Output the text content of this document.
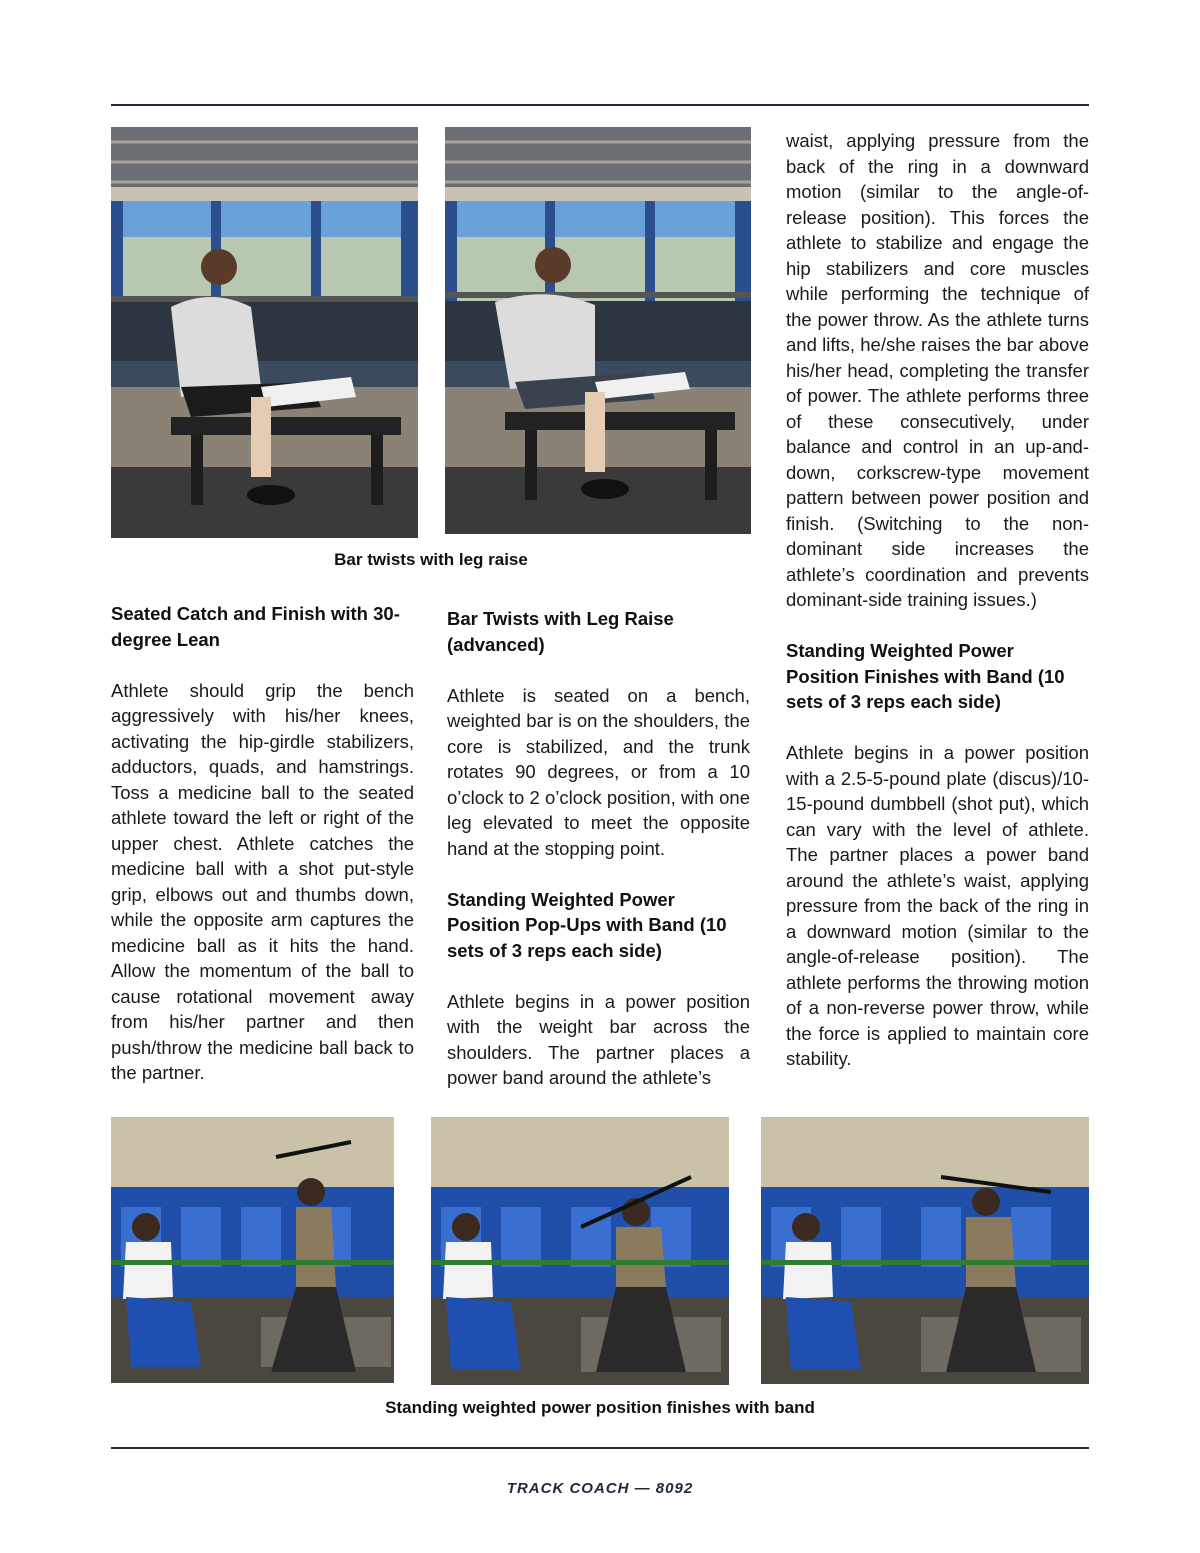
Bar twists with leg raise
Seated Catch and Finish with 30-degree Lean

Athlete should grip the bench aggressively with his/her knees, activating the hip-girdle stabilizers, adductors, quads, and hamstrings. Toss a medicine ball to the seated athlete toward the left or right of the upper chest. Athlete catches the medicine ball with a shot put-style grip, elbows out and thumbs down, while the opposite arm captures the medicine ball as it hits the hand. Allow the momentum of the ball to cause rotational movement away from his/her partner and then push/throw the medicine ball back to the partner.

Bar Twists with Leg Raise (advanced)

Athlete is seated on a bench, weighted bar is on the shoulders, the core is stabilized, and the trunk rotates 90 degrees, or from a 10 o’clock to 2 o’clock position, with one leg elevated to meet the opposite hand at the stopping point.

Standing Weighted Power Position Pop-Ups with Band (10 sets of 3 reps each side)

Athlete begins in a power position with the weight bar across the shoulders. The partner places a power band around the athlete’s

waist, applying pressure from the back of the ring in a downward motion (similar to the angle-of-release position). This forces the athlete to stabilize and engage the hip stabilizers and core muscles while performing the technique of the power throw. As the athlete turns and lifts, he/she raises the bar above his/her head, completing the transfer of power. The athlete performs three of these consecutively, under balance and control in an up-and-down, corkscrew-type movement pattern between power position and finish. (Switching to the non-dominant side increases the athlete’s coordination and prevents dominant-side training issues.)

Standing Weighted Power Position Finishes with Band (10 sets of 3 reps each side)

Athlete begins in a power position with a 2.5-5-pound plate (discus)/10-15-pound dumbbell (shot put), which can vary with the level of athlete. The partner places a power band around the athlete’s waist, applying pressure from the back of the ring in a downward motion (similar to the angle-of-release position). The athlete performs the throwing motion of a non-reverse power throw, while the force is applied to maintain core stability.

Standing weighted power position finishes with band
TRACK COACH — 8092
